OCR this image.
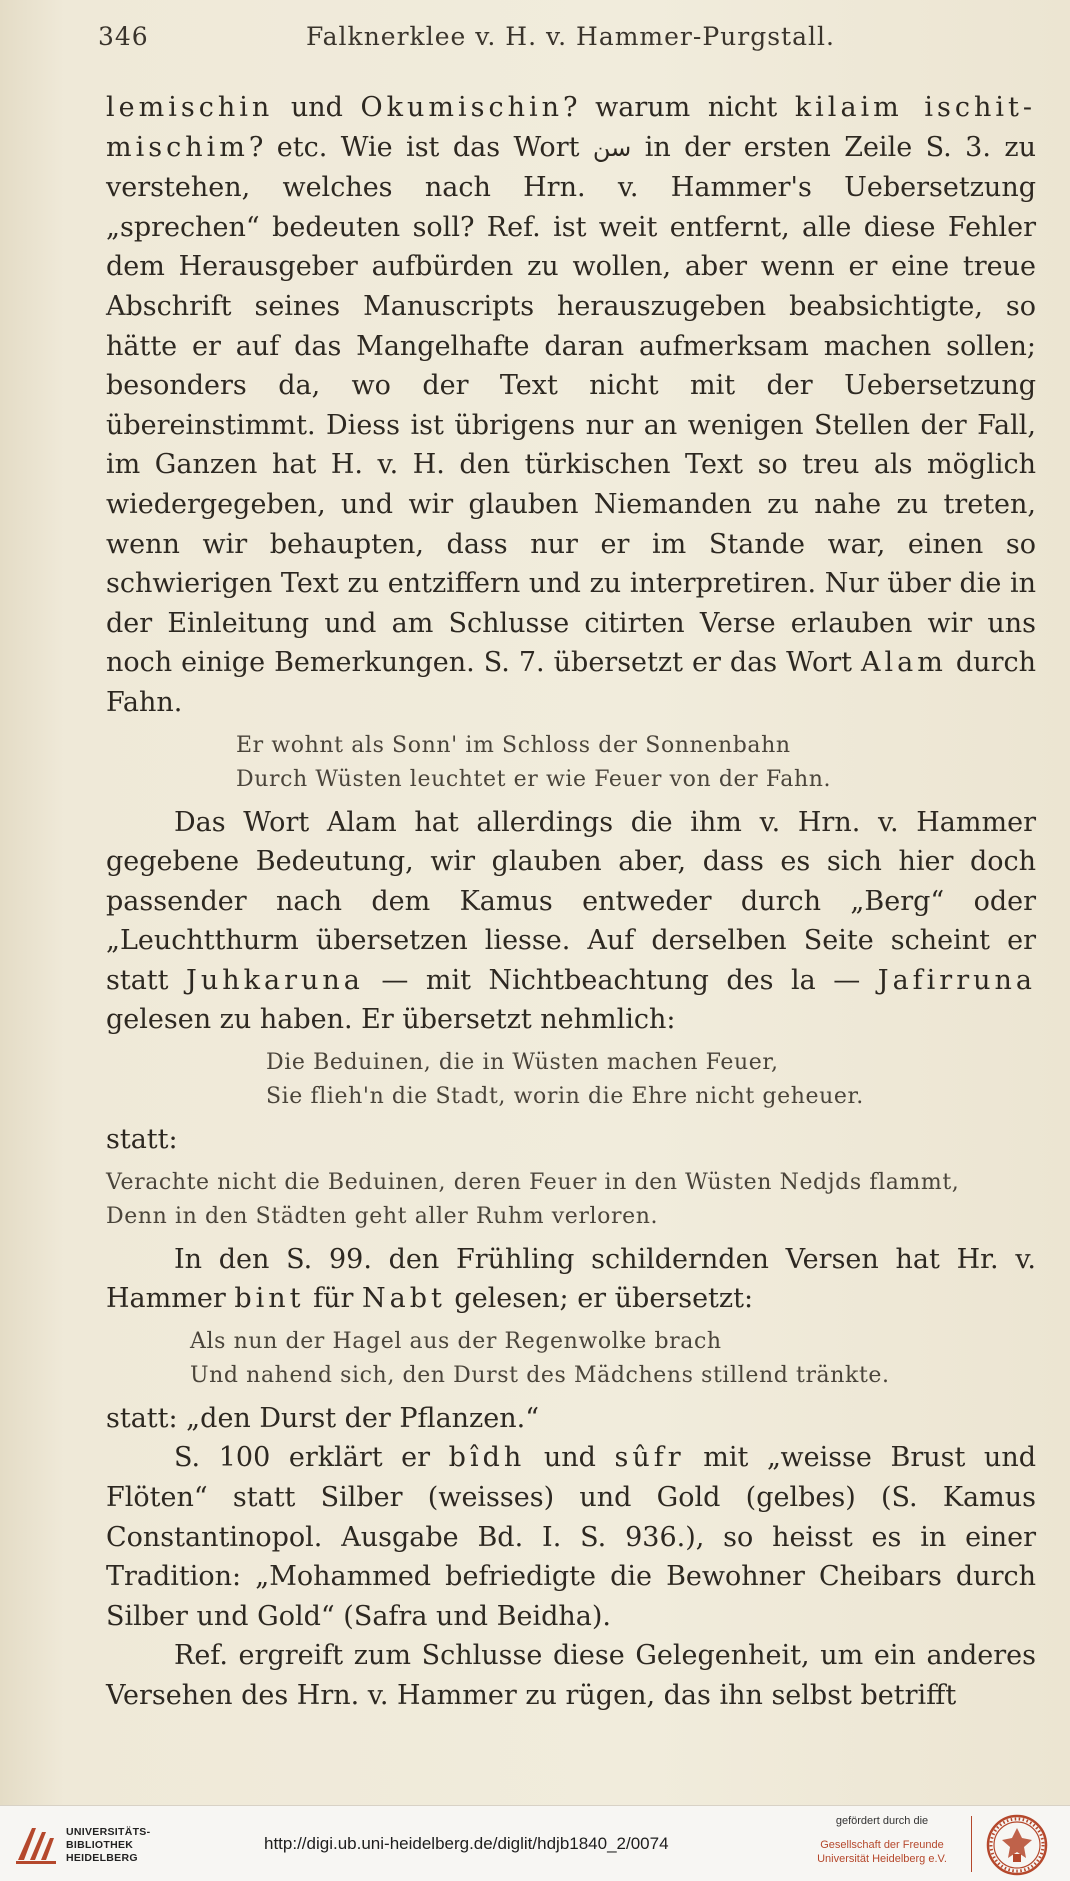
346	Falknerklee v. H. v. Hammer-Purgstall.

lemischin und Okumischin? warum nicht kilaim ischit-mischim? etc. Wie ist das Wort سن in der ersten Zeile S. 3. zu verstehen, welches nach Hrn. v. Hammer's Uebersetzung „sprechen“ bedeuten soll? Ref. ist weit entfernt, alle diese Fehler dem Herausgeber aufbürden zu wollen, aber wenn er eine treue Abschrift seines Manuscripts herauszugeben beabsichtigte, so hätte er auf das Mangelhafte daran aufmerksam machen sollen; besonders da, wo der Text nicht mit der Uebersetzung übereinstimmt. Diess ist übrigens nur an wenigen Stellen der Fall, im Ganzen hat H. v. H. den türkischen Text so treu als möglich wiedergegeben, und wir glauben Niemanden zu nahe zu treten, wenn wir behaupten, dass nur er im Stande war, einen so schwierigen Text zu entziffern und zu interpretiren. Nur über die in der Einleitung und am Schlusse citirten Verse erlauben wir uns noch einige Bemerkungen. S. 7. übersetzt er das Wort Alam durch Fahn.

Er wohnt als Sonn' im Schloss der Sonnenbahn
Durch Wüsten leuchtet er wie Feuer von der Fahn.

Das Wort Alam hat allerdings die ihm v. Hrn. v. Hammer gegebene Bedeutung, wir glauben aber, dass es sich hier doch passender nach dem Kamus entweder durch „Berg“ oder „Leuchtthurm übersetzen liesse. Auf derselben Seite scheint er statt Juhkaruna — mit Nichtbeachtung des la — Jafirruna gelesen zu haben. Er übersetzt nehmlich:

Die Beduinen, die in Wüsten machen Feuer,
Sie flieh'n die Stadt, worin die Ehre nicht geheuer.

statt:

Verachte nicht die Beduinen, deren Feuer in den Wüsten Nedjds flammt,
Denn in den Städten geht aller Ruhm verloren.

In den S. 99. den Frühling schildernden Versen hat Hr. v. Hammer bint für Nabt gelesen; er übersetzt:

Als nun der Hagel aus der Regenwolke brach
Und nahend sich, den Durst des Mädchens stillend tränkte.

statt: „den Durst der Pflanzen.“

S. 100 erklärt er bîdh und sûfr mit „weisse Brust und Flöten“ statt Silber (weisses) und Gold (gelbes) (S. Kamus Constantinopol. Ausgabe Bd. I. S. 936.), so heisst es in einer Tradition: „Mohammed befriedigte die Bewohner Cheibars durch Silber und Gold“ (Safra und Beidha).

Ref. ergreift zum Schlusse diese Gelegenheit, um ein anderes Versehen des Hrn. v. Hammer zu rügen, das ihn selbst betrifft

UNIVERSITÄTS-
BIBLIOTHEK
HEIDELBERG
http://digi.ub.uni-heidelberg.de/diglit/hdjb1840_2/0074
gefördert durch die
Gesellschaft der Freunde
Universität Heidelberg e.V.
